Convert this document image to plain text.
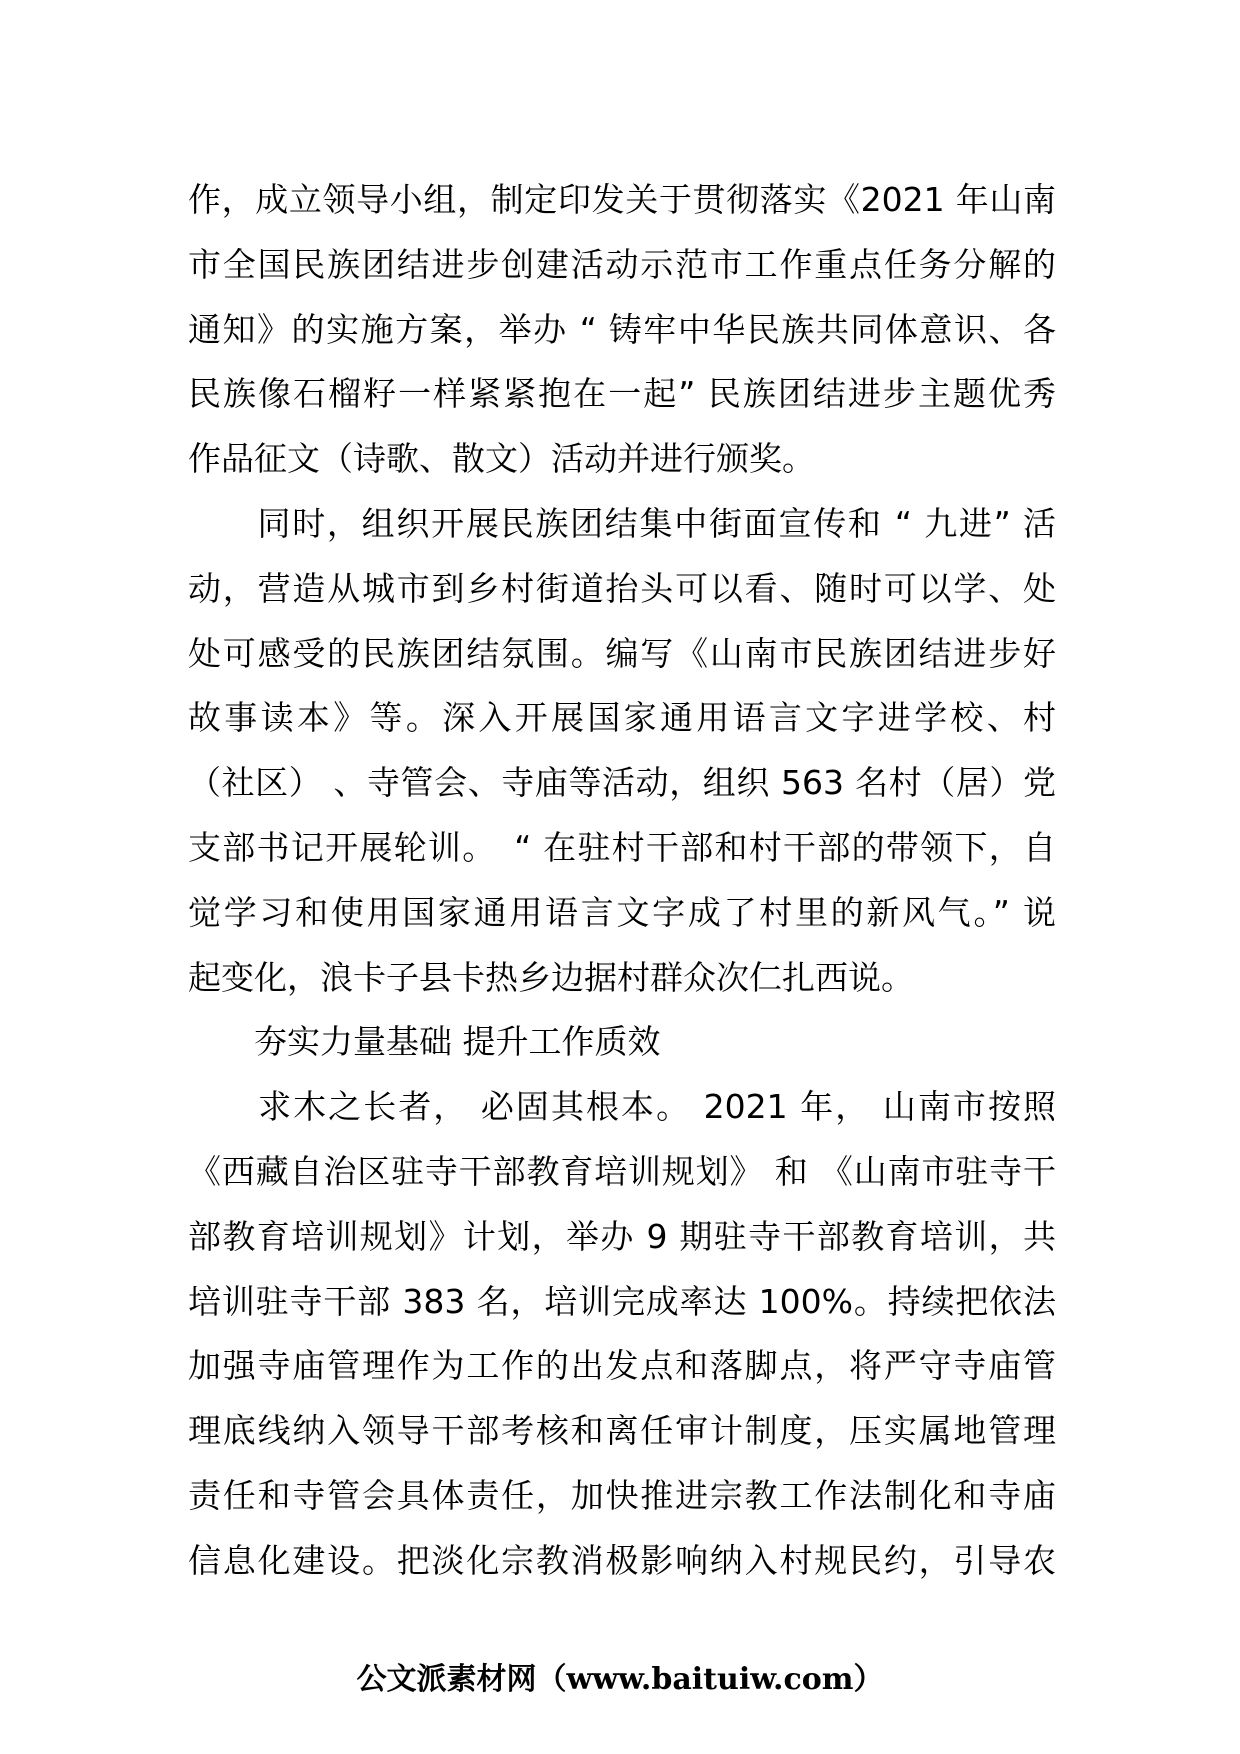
作，成立领导小组，制定印发关于贯彻落实《2021 年山南
市全国民族团结进步创建活动示范市工作重点任务分解的
通知》的实施方案，举办 “ 铸牢中华民族共同体意识、各
民族像石榴籽一样紧紧抱在一起” 民族团结进步主题优秀
作品征文（诗歌、散文）活动并进行颁奖。

　　同时，组织开展民族团结集中街面宣传和 “ 九进” 活
动，营造从城市到乡村街道抬头可以看、随时可以学、处
处可感受的民族团结氛围。编写《山南市民族团结进步好
故事读本》等。深入开展国家通用语言文字进学校、村
（社区） 、寺管会、寺庙等活动，组织 563 名村（居）党
支部书记开展轮训。　“ 在驻村干部和村干部的带领下，自
觉学习和使用国家通用语言文字成了村里的新风气。” 说
起变化，浪卡子县卡热乡边据村群众次仁扎西说。

　　夯实力量基础 提升工作质效

　　求木之长者， 必固其根本。 2021 年， 山南市按照
《西藏自治区驻寺干部教育培训规划》 和 《山南市驻寺干
部教育培训规划》计划，举办 9 期驻寺干部教育培训，共
培训驻寺干部 383 名，培训完成率达 100%。持续把依法
加强寺庙管理作为工作的出发点和落脚点，将严守寺庙管
理底线纳入领导干部考核和离任审计制度，压实属地管理
责任和寺管会具体责任，加快推进宗教工作法制化和寺庙
信息化建设。把淡化宗教消极影响纳入村规民约，引导农

公文派素材网（www.baituiw.com）
